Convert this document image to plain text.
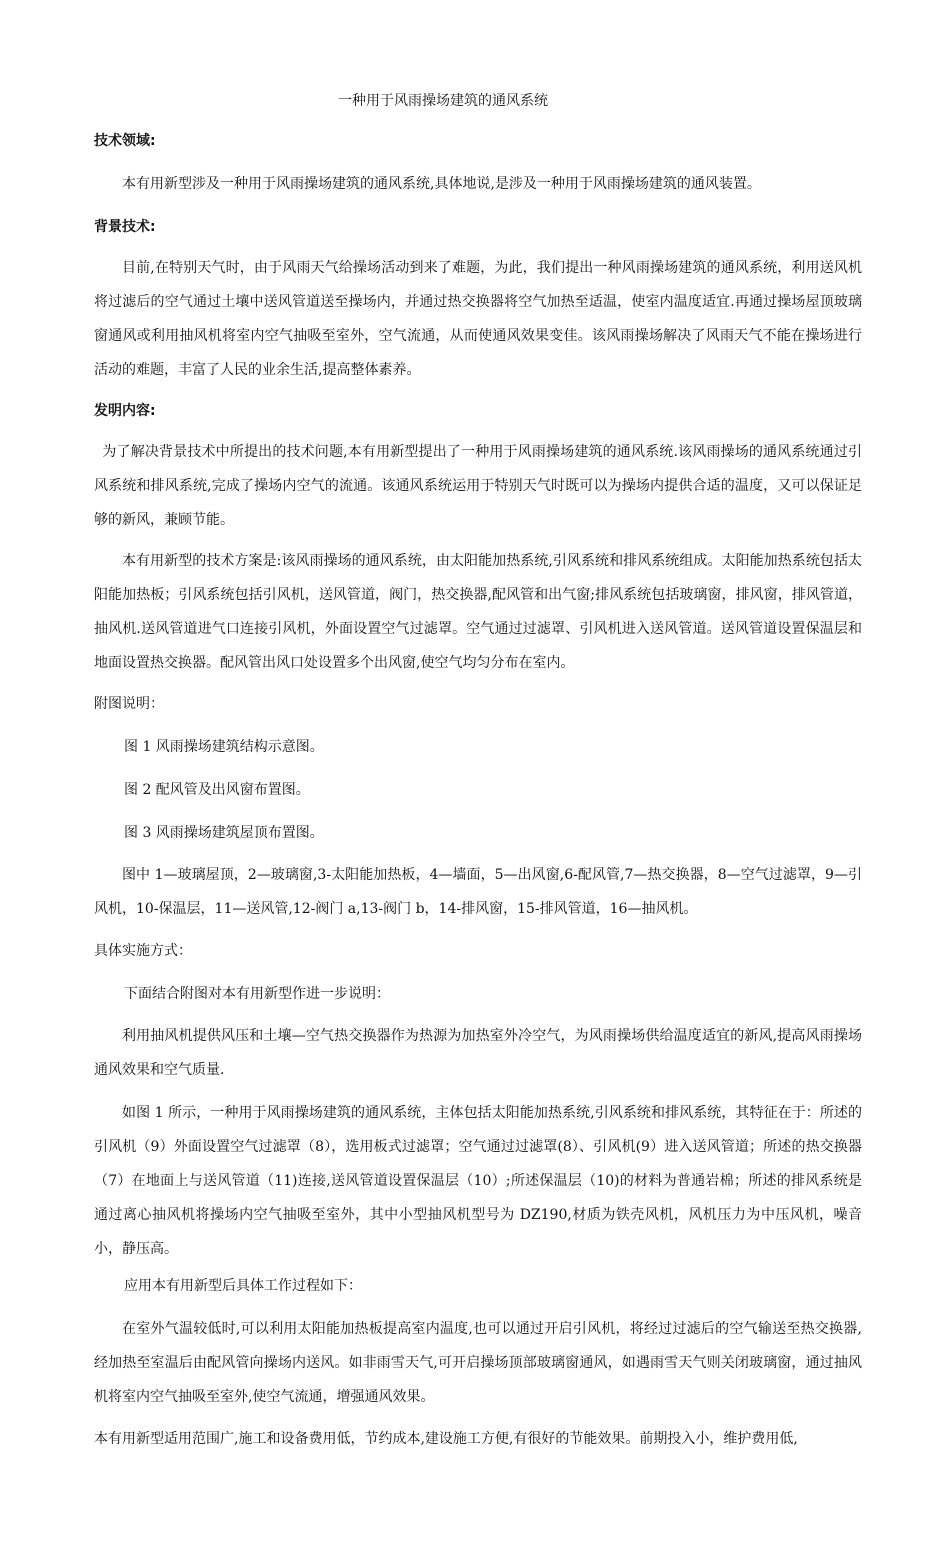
一种用于风雨操场建筑的通风系统
技术领域:
本有用新型涉及一种用于风雨操场建筑的通风系统,具体地说,是涉及一种用于风雨操场建筑的通风装置。
背景技术:
目前,在特别天气时，由于风雨天气给操场活动到来了难题，为此，我们提出一种风雨操场建筑的通风系统，利用送风机将过滤后的空气通过土壤中送风管道送至操场内，并通过热交换器将空气加热至适温，使室内温度适宜.再通过操场屋顶玻璃窗通风或利用抽风机将室内空气抽吸至室外，空气流通，从而使通风效果变佳。该风雨操场解决了风雨天气不能在操场进行活动的难题，丰富了人民的业余生活,提高整体素养。
发明内容:
为了解决背景技术中所提出的技术问题,本有用新型提出了一种用于风雨操场建筑的通风系统.该风雨操场的通风系统通过引风系统和排风系统,完成了操场内空气的流通。该通风系统运用于特别天气时既可以为操场内提供合适的温度，又可以保证足够的新风，兼顾节能。
本有用新型的技术方案是:该风雨操场的通风系统，由太阳能加热系统,引风系统和排风系统组成。太阳能加热系统包括太阳能加热板；引风系统包括引风机，送风管道，阀门，热交换器,配风管和出气窗;排风系统包括玻璃窗，排风窗，排风管道，抽风机.送风管道进气口连接引风机，外面设置空气过滤罩。空气通过过滤罩、引风机进入送风管道。送风管道设置保温层和地面设置热交换器。配风管出风口处设置多个出风窗,使空气均匀分布在室内。
附图说明：
图 1 风雨操场建筑结构示意图。
图 2 配风管及出风窗布置图。
图 3 风雨操场建筑屋顶布置图。
图中 1—玻璃屋顶，2—玻璃窗,3-太阳能加热板，4—墙面，5—出风窗,6-配风管,7—热交换器，8—空气过滤罩，9—引风机，10-保温层，11—送风管,12-阀门 a,13-阀门 b，14-排风窗，15-排风管道，16—抽风机。
具体实施方式：
下面结合附图对本有用新型作进一步说明：
利用抽风机提供风压和土壤—空气热交换器作为热源为加热室外冷空气，为风雨操场供给温度适宜的新风,提高风雨操场通风效果和空气质量.
如图 1 所示，一种用于风雨操场建筑的通风系统，主体包括太阳能加热系统,引风系统和排风系统，其特征在于：所述的引风机（9）外面设置空气过滤罩（8），选用板式过滤罩；空气通过过滤罩(8）、引风机(9）进入送风管道；所述的热交换器（7）在地面上与送风管道（11)连接,送风管道设置保温层（10）;所述保温层（10)的材料为普通岩棉；所述的排风系统是通过离心抽风机将操场内空气抽吸至室外，其中小型抽风机型号为 DZ190,材质为铁壳风机，风机压力为中压风机，噪音小，静压高。
应用本有用新型后具体工作过程如下：
在室外气温较低时,可以利用太阳能加热板提高室内温度,也可以通过开启引风机，将经过过滤后的空气输送至热交换器,经加热至室温后由配风管向操场内送风。如非雨雪天气,可开启操场顶部玻璃窗通风，如遇雨雪天气则关闭玻璃窗，通过抽风机将室内空气抽吸至室外,使空气流通，增强通风效果。
本有用新型适用范围广,施工和设备费用低，节约成本,建设施工方便,有很好的节能效果。前期投入小，维护费用低,
